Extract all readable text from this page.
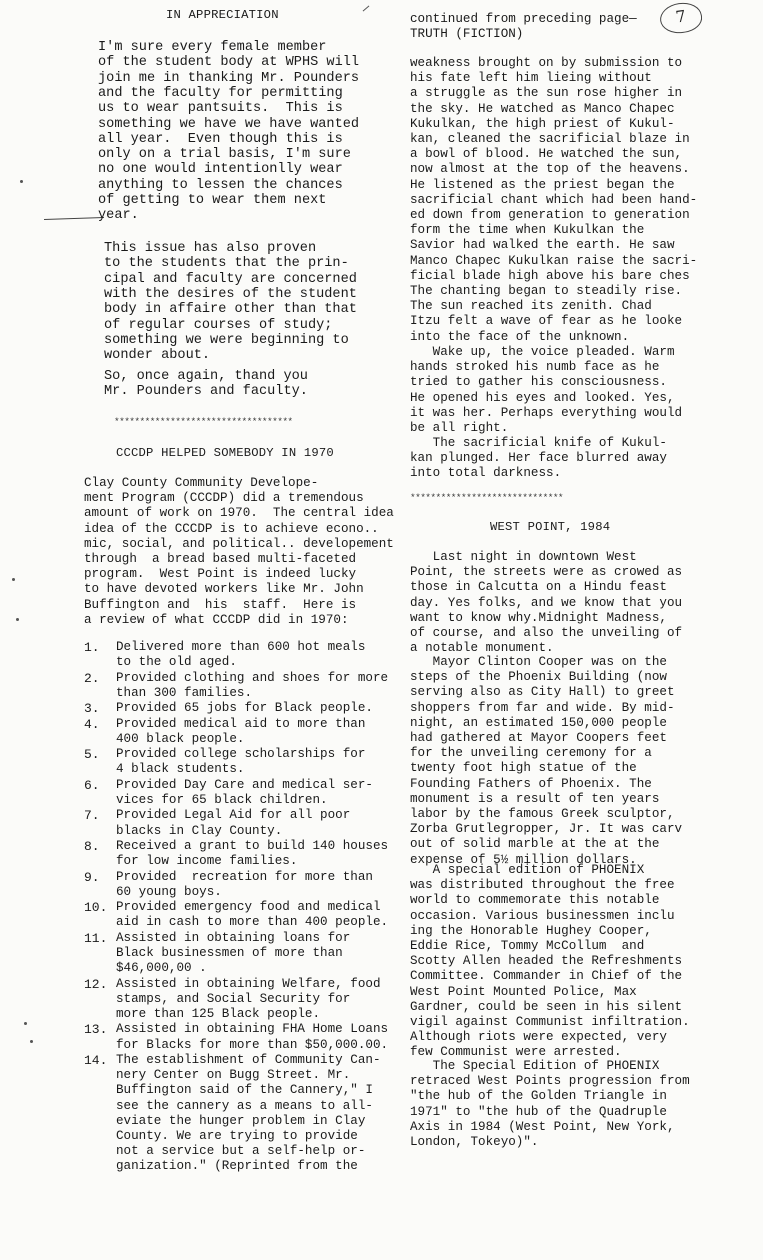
7
IN APPRECIATION
I'm sure every female member
of the student body at WPHS will
join me in thanking Mr. Pounders
and the faculty for permitting
us to wear pantsuits.  This is
something we have we have wanted
all year.  Even though this is
only on a trial basis, I'm sure
no one would intentionlly wear
anything to lessen the chances
of getting to wear them next
year.
This issue has also proven
to the students that the prin-
cipal and faculty are concerned
with the desires of the student
body in affaire other than that
of regular courses of study;
something we were beginning to
wonder about.
So, once again, thand you
Mr. Pounders and faculty.
***********************************
CCCDP HELPED SOMEBODY IN 1970
Clay County Community Develope-
ment Program (CCCDP) did a tremendous
amount of work on 1970.  The central idea
idea of the CCCDP is to achieve econo..
mic, social, and political.. developement
through  a bread based multi-faceted
program.  West Point is indeed lucky
to have devoted workers like Mr. John
Buffington and  his  staff.  Here is
a review of what CCCDP did in 1970:
1. Delivered more than 600 hot meals
to the old aged.
2. Provided clothing and shoes for more
than 300 families.
3. Provided 65 jobs for Black people.
4. Provided medical aid to more than
400 black people.
5. Provided college scholarships for
4 black students.
6. Provided Day Care and medical ser-
vices for 65 black children.
7. Provided Legal Aid for all poor
blacks in Clay County.
8. Received a grant to build 140 houses
for low income families.
9. Provided  recreation for more than
60 young boys.
10. Provided emergency food and medical
aid in cash to more than 400 people.
11. Assisted in obtaining loans for
Black businessmen of more than
$46,000,00 .
12. Assisted in obtaining Welfare, food
stamps, and Social Security for
more than 125 Black people.
13. Assisted in obtaining FHA Home Loans
for Blacks for more than $50,000.00.
14. The establishment of Community Can-
nery Center on Bugg Street. Mr.
Buffington said of the Cannery," I
see the cannery as a means to all-
eviate the hunger problem in Clay
County. We are trying to provide
not a service but a self-help or-
ganization." (Reprinted from the
continued from preceding page—
TRUTH (FICTION)
weakness brought on by submission to
his fate left him lieing without
a struggle as the sun rose higher in
the sky. He watched as Manco Chapec
Kukulkan, the high priest of Kukul-
kan, cleaned the sacrificial blaze in
a bowl of blood. He watched the sun,
now almost at the top of the heavens.
He listened as the priest began the
sacrificial chant which had been hand-
ed down from generation to generation
form the time when Kukulkan the
Savior had walked the earth. He saw
Manco Chapec Kukulkan raise the sacri-
ficial blade high above his bare ches
The chanting began to steadily rise.
The sun reached its zenith. Chad
Itzu felt a wave of fear as he looke
into the face of the unknown.
Wake up, the voice pleaded. Warm
hands stroked his numb face as he
tried to gather his consciousness.
He opened his eyes and looked. Yes,
it was her. Perhaps everything would
be all right.
The sacrificial knife of Kukul-
kan plunged. Her face blurred away
into total darkness.
******************************
WEST POINT, 1984
Last night in downtown West
Point, the streets were as crowed as
those in Calcutta on a Hindu feast
day. Yes folks, and we know that you
want to know why.Midnight Madness,
of course, and also the unveiling of
a notable monument.
Mayor Clinton Cooper was on the
steps of the Phoenix Building (now
serving also as City Hall) to greet
shoppers from far and wide. By mid-
night, an estimated 150,000 people
had gathered at Mayor Coopers feet
for the unveiling ceremony for a
twenty foot high statue of the
Founding Fathers of Phoenix. The
monument is a result of ten years
labor by the famous Greek sculptor,
Zorba Grutlegropper, Jr. It was carv
out of solid marble at the at the
expense of 5½ million dollars.
A special edition of PHOENIX
was distributed throughout the free
world to commemorate this notable
occasion. Various businessmen inclu
ing the Honorable Hughey Cooper,
Eddie Rice, Tommy McCollum  and
Scotty Allen headed the Refreshments
Committee. Commander in Chief of the
West Point Mounted Police, Max
Gardner, could be seen in his silent
vigil against Communist infiltration.
Although riots were expected, very
few Communist were arrested.
The Special Edition of PHOENIX
retraced West Points progression from
"the hub of the Golden Triangle in
1971" to "the hub of the Quadruple
Axis in 1984 (West Point, New York,
London, Tokeyo)".
